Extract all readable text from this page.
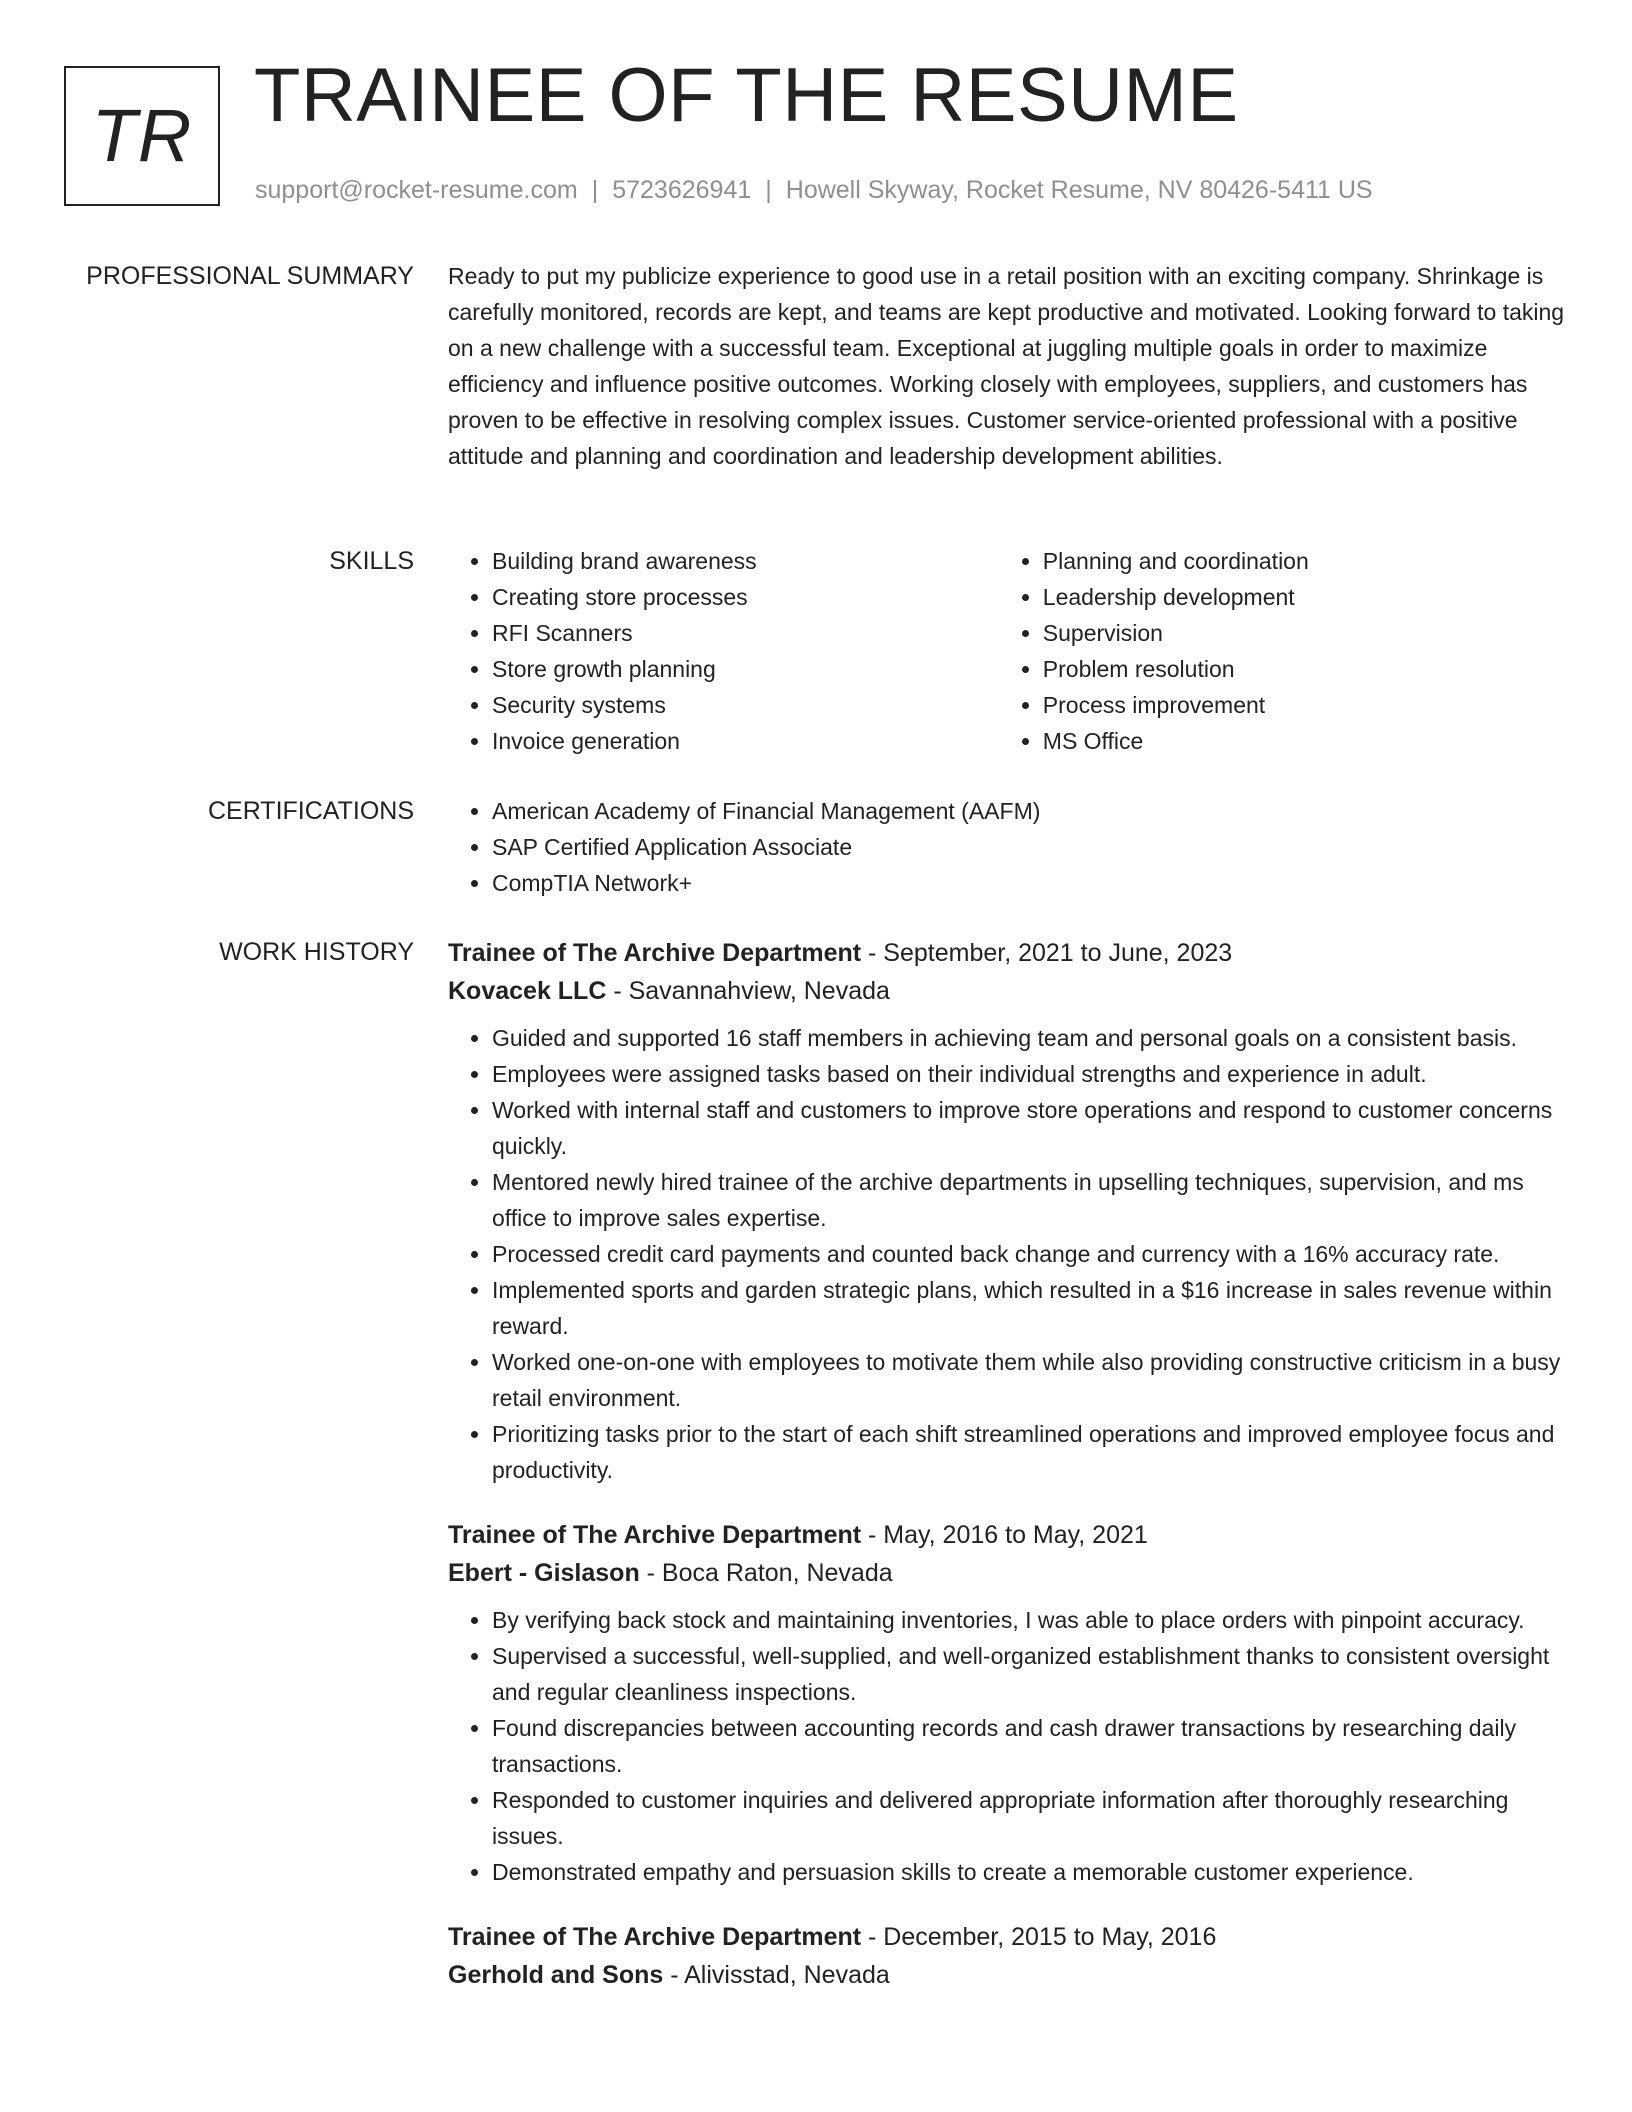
TR TRAINEE OF THE RESUME
support@rocket-resume.com | 5723626941 | Howell Skyway, Rocket Resume, NV 80426-5411 US
PROFESSIONAL SUMMARY Ready to put my publicize experience to good use in a retail position with an exciting company. Shrinkage is carefully monitored, records are kept, and teams are kept productive and motivated. Looking forward to taking on a new challenge with a successful team. Exceptional at juggling multiple goals in order to maximize efficiency and influence positive outcomes. Working closely with employees, suppliers, and customers has proven to be effective in resolving complex issues. Customer service-oriented professional with a positive attitude and planning and coordination and leadership development abilities.

SKILLS	• Building brand awareness
• Creating store processes
• RFI Scanners
• Store growth planning
• Security systems
• Invoice generation
• Planning and coordination
• Leadership development
• Supervision
• Problem resolution
• Process improvement
• MS Office
CERTIFICATIONS	• American Academy of Financial Management (AAFM)
• SAP Certified Application Associate
• CompTIA Network+
WORK HISTORY Trainee of The Archive Department - September, 2021 to June, 2023

Kovacek LLC - Savannahview, Nevada

• Guided and supported 16 staff members in achieving team and personal goals on a consistent basis.
• Employees were assigned tasks based on their individual strengths and experience in adult.
• Worked with internal staff and customers to improve store operations and respond to customer concerns quickly.
• Mentored newly hired trainee of the archive departments in upselling techniques, supervision, and ms office to improve sales expertise.
• Processed credit card payments and counted back change and currency with a 16% accuracy rate.
• Implemented sports and garden strategic plans, which resulted in a $16 increase in sales revenue within reward.
• Worked one-on-one with employees to motivate them while also providing constructive criticism in a busy retail environment.
• Prioritizing tasks prior to the start of each shift streamlined operations and improved employee focus and productivity.

Trainee of The Archive Department - May, 2016 to May, 2021

Ebert - Gislason - Boca Raton, Nevada

• By verifying back stock and maintaining inventories, I was able to place orders with pinpoint accuracy.
• Supervised a successful, well-supplied, and well-organized establishment thanks to consistent oversight and regular cleanliness inspections.
• Found discrepancies between accounting records and cash drawer transactions by researching daily transactions.
• Responded to customer inquiries and delivered appropriate information after thoroughly researching issues.
• Demonstrated empathy and persuasion skills to create a memorable customer experience.

Trainee of The Archive Department - December, 2015 to May, 2016

Gerhold and Sons - Alivisstad, Nevada
